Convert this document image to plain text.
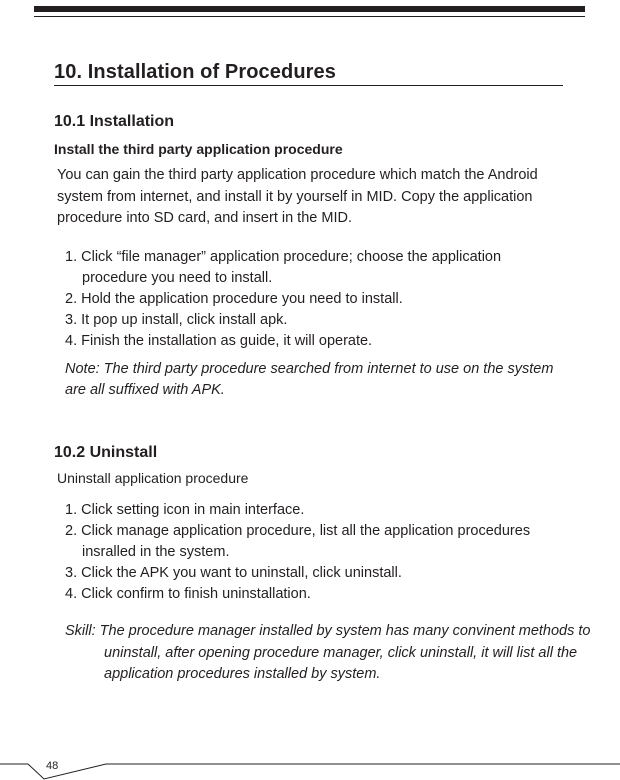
10. Installation of Procedures
10.1 Installation
Install the third party application procedure

You can gain the third party application procedure which match the Android system from internet, and install it by yourself in MID. Copy the application procedure into SD card, and insert in the MID.

1. Click “file manager” application procedure; choose the application procedure you need to install.
2. Hold the application procedure you need to install.
3. It pop up install, click install apk.
4. Finish the installation as guide, it will operate.

Note: The third party procedure searched from internet to use on the system are all suffixed with APK.

10.2 Uninstall
Uninstall application procedure
1. Click setting icon in main interface.
2. Click manage application procedure, list all the application procedures insralled in the system.
3. Click the APK you want to uninstall, click uninstall.
4. Click confirm to finish uninstallation.

Skill: The procedure manager installed by system has many convinent methods to uninstall, after opening procedure manager, click uninstall, it will list all the application procedures installed by system.

48
